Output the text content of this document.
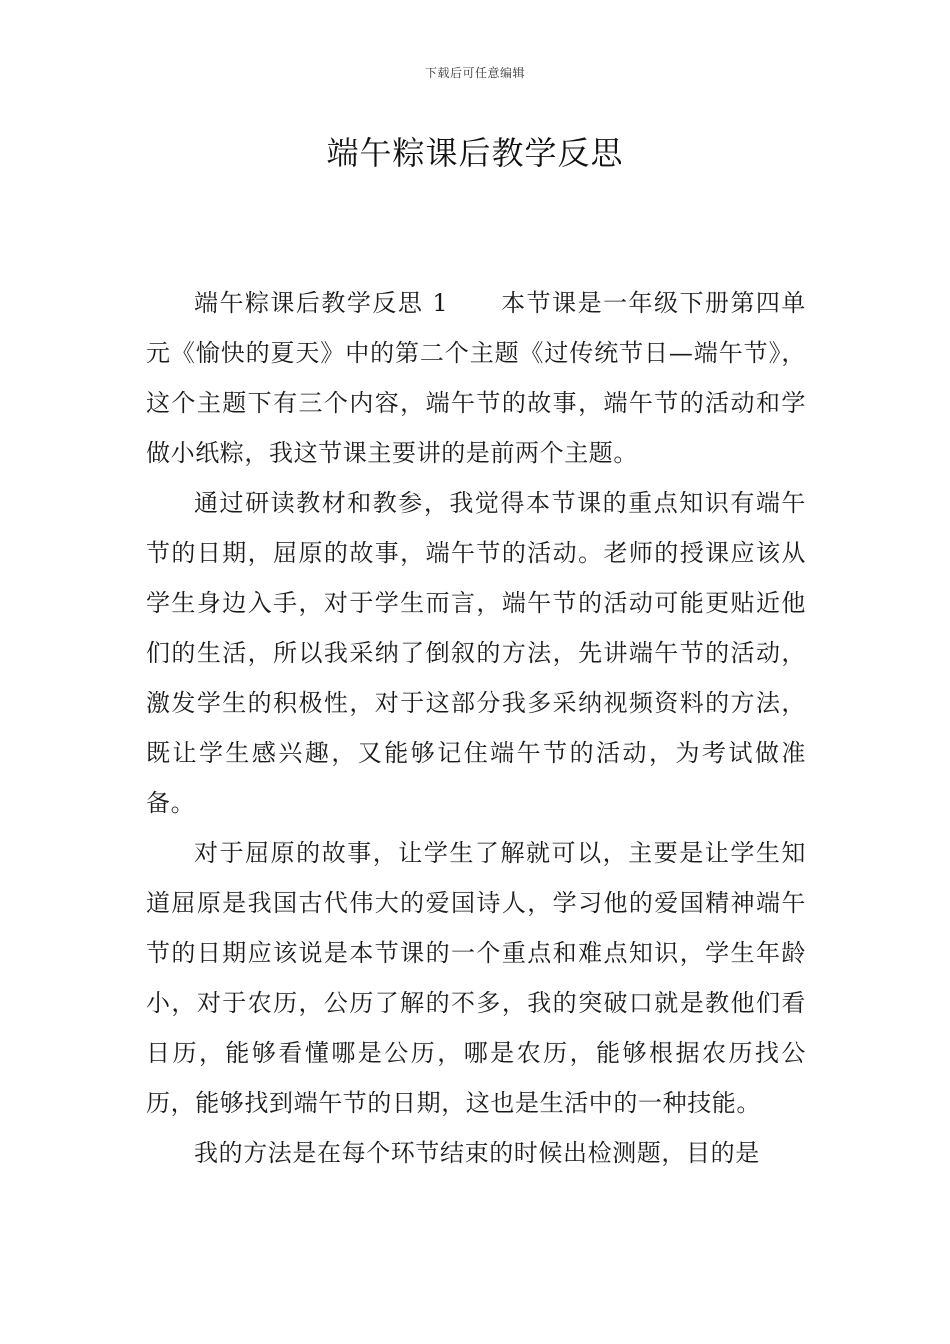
下载后可任意编辑
端午粽课后教学反思

端午粽课后教学反思 1 本节课是一年级下册第四单元《愉快的夏天》中的第二个主题《过传统节日—端午节》，这个主题下有三个内容，端午节的故事，端午节的活动和学做小纸粽，我这节课主要讲的是前两个主题。

通过研读教材和教参，我觉得本节课的重点知识有端午节的日期，屈原的故事，端午节的活动。老师的授课应该从学生身边入手，对于学生而言，端午节的活动可能更贴近他们的生活，所以我采纳了倒叙的方法，先讲端午节的活动，激发学生的积极性，对于这部分我多采纳视频资料的方法，既让学生感兴趣，又能够记住端午节的活动，为考试做准备。

对于屈原的故事，让学生了解就可以，主要是让学生知道屈原是我国古代伟大的爱国诗人，学习他的爱国精神端午节的日期应该说是本节课的一个重点和难点知识，学生年龄小，对于农历，公历了解的不多，我的突破口就是教他们看日历，能够看懂哪是公历，哪是农历，能够根据农历找公历，能够找到端午节的日期，这也是生活中的一种技能。

我的方法是在每个环节结束的时候出检测题，目的是
